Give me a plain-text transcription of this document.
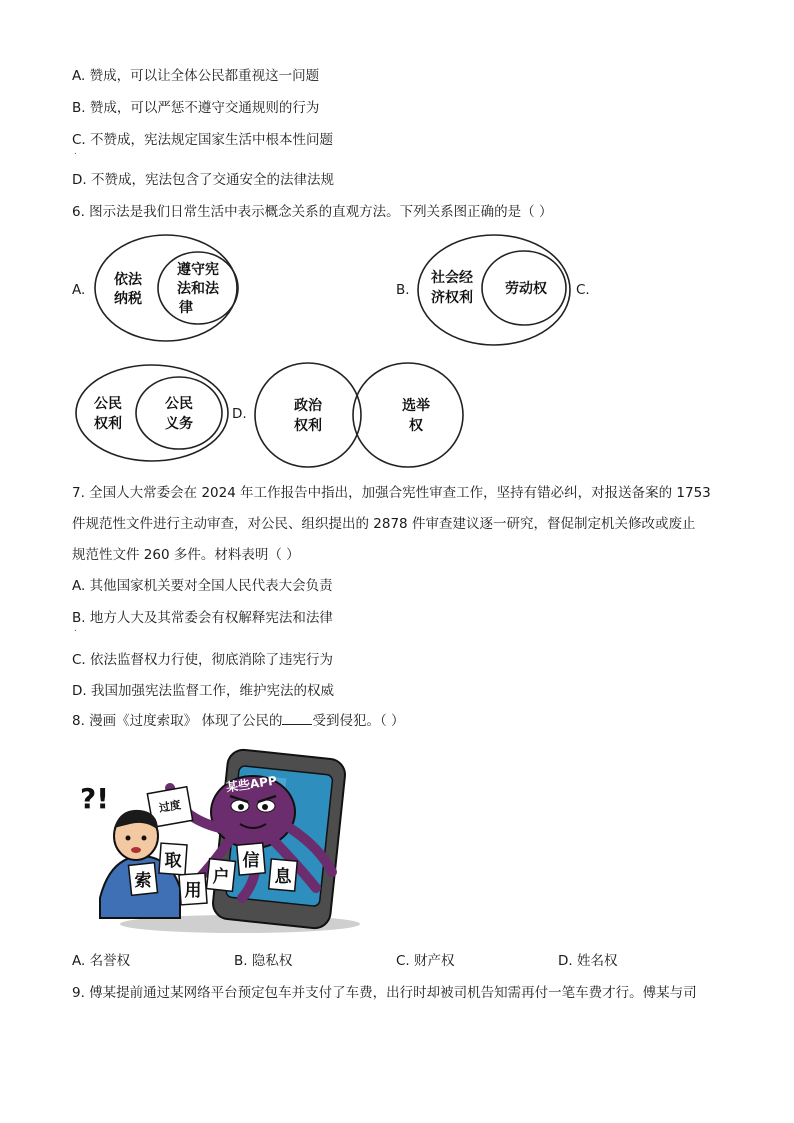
A. 赞成，可以让全体公民都重视这一问题
B. 赞成，可以严惩不遵守交通规则的行为
C. 不赞成，宪法规定国家生活中根本性问题
.
D. 不赞成，宪法包含了交通安全的法律法规
6. 图示法是我们日常生活中表示概念关系的直观方法。下列关系图正确的是（ ）
A.	B.	C.
D.
依法
纳税
遵守宪
法和法
律
社会经
济权利
劳动权
公民
权利
公民
义务
政治
权利
选举
权
7. 全国人大常委会在 2024 年工作报告中指出，加强合宪性审查工作，坚持有错必纠，对报送备案的 1753
件规范性文件进行主动审查，对公民、组织提出的 2878 件审查建议逐一研究，督促制定机关修改或废止
规范性文件 260 多件。材料表明（ ）
A. 其他国家机关要对全国人民代表大会负责
B. 地方人大及其常委会有权解释宪法和法律
.
C. 依法监督权力行使，彻底消除了违宪行为
D. 我国加强宪法监督工作，维护宪法的权威
8. 漫画《过度索取》 体现了公民的 受到侵犯。（ ）
某些APP
过度
?!
索
取
用
户
信
息
A. 名誉权	B. 隐私权	C. 财产权	D. 姓名权
9. 傅某提前通过某网络平台预定包车并支付了车费，出行时却被司机告知需再付一笔车费才行。傅某与司
